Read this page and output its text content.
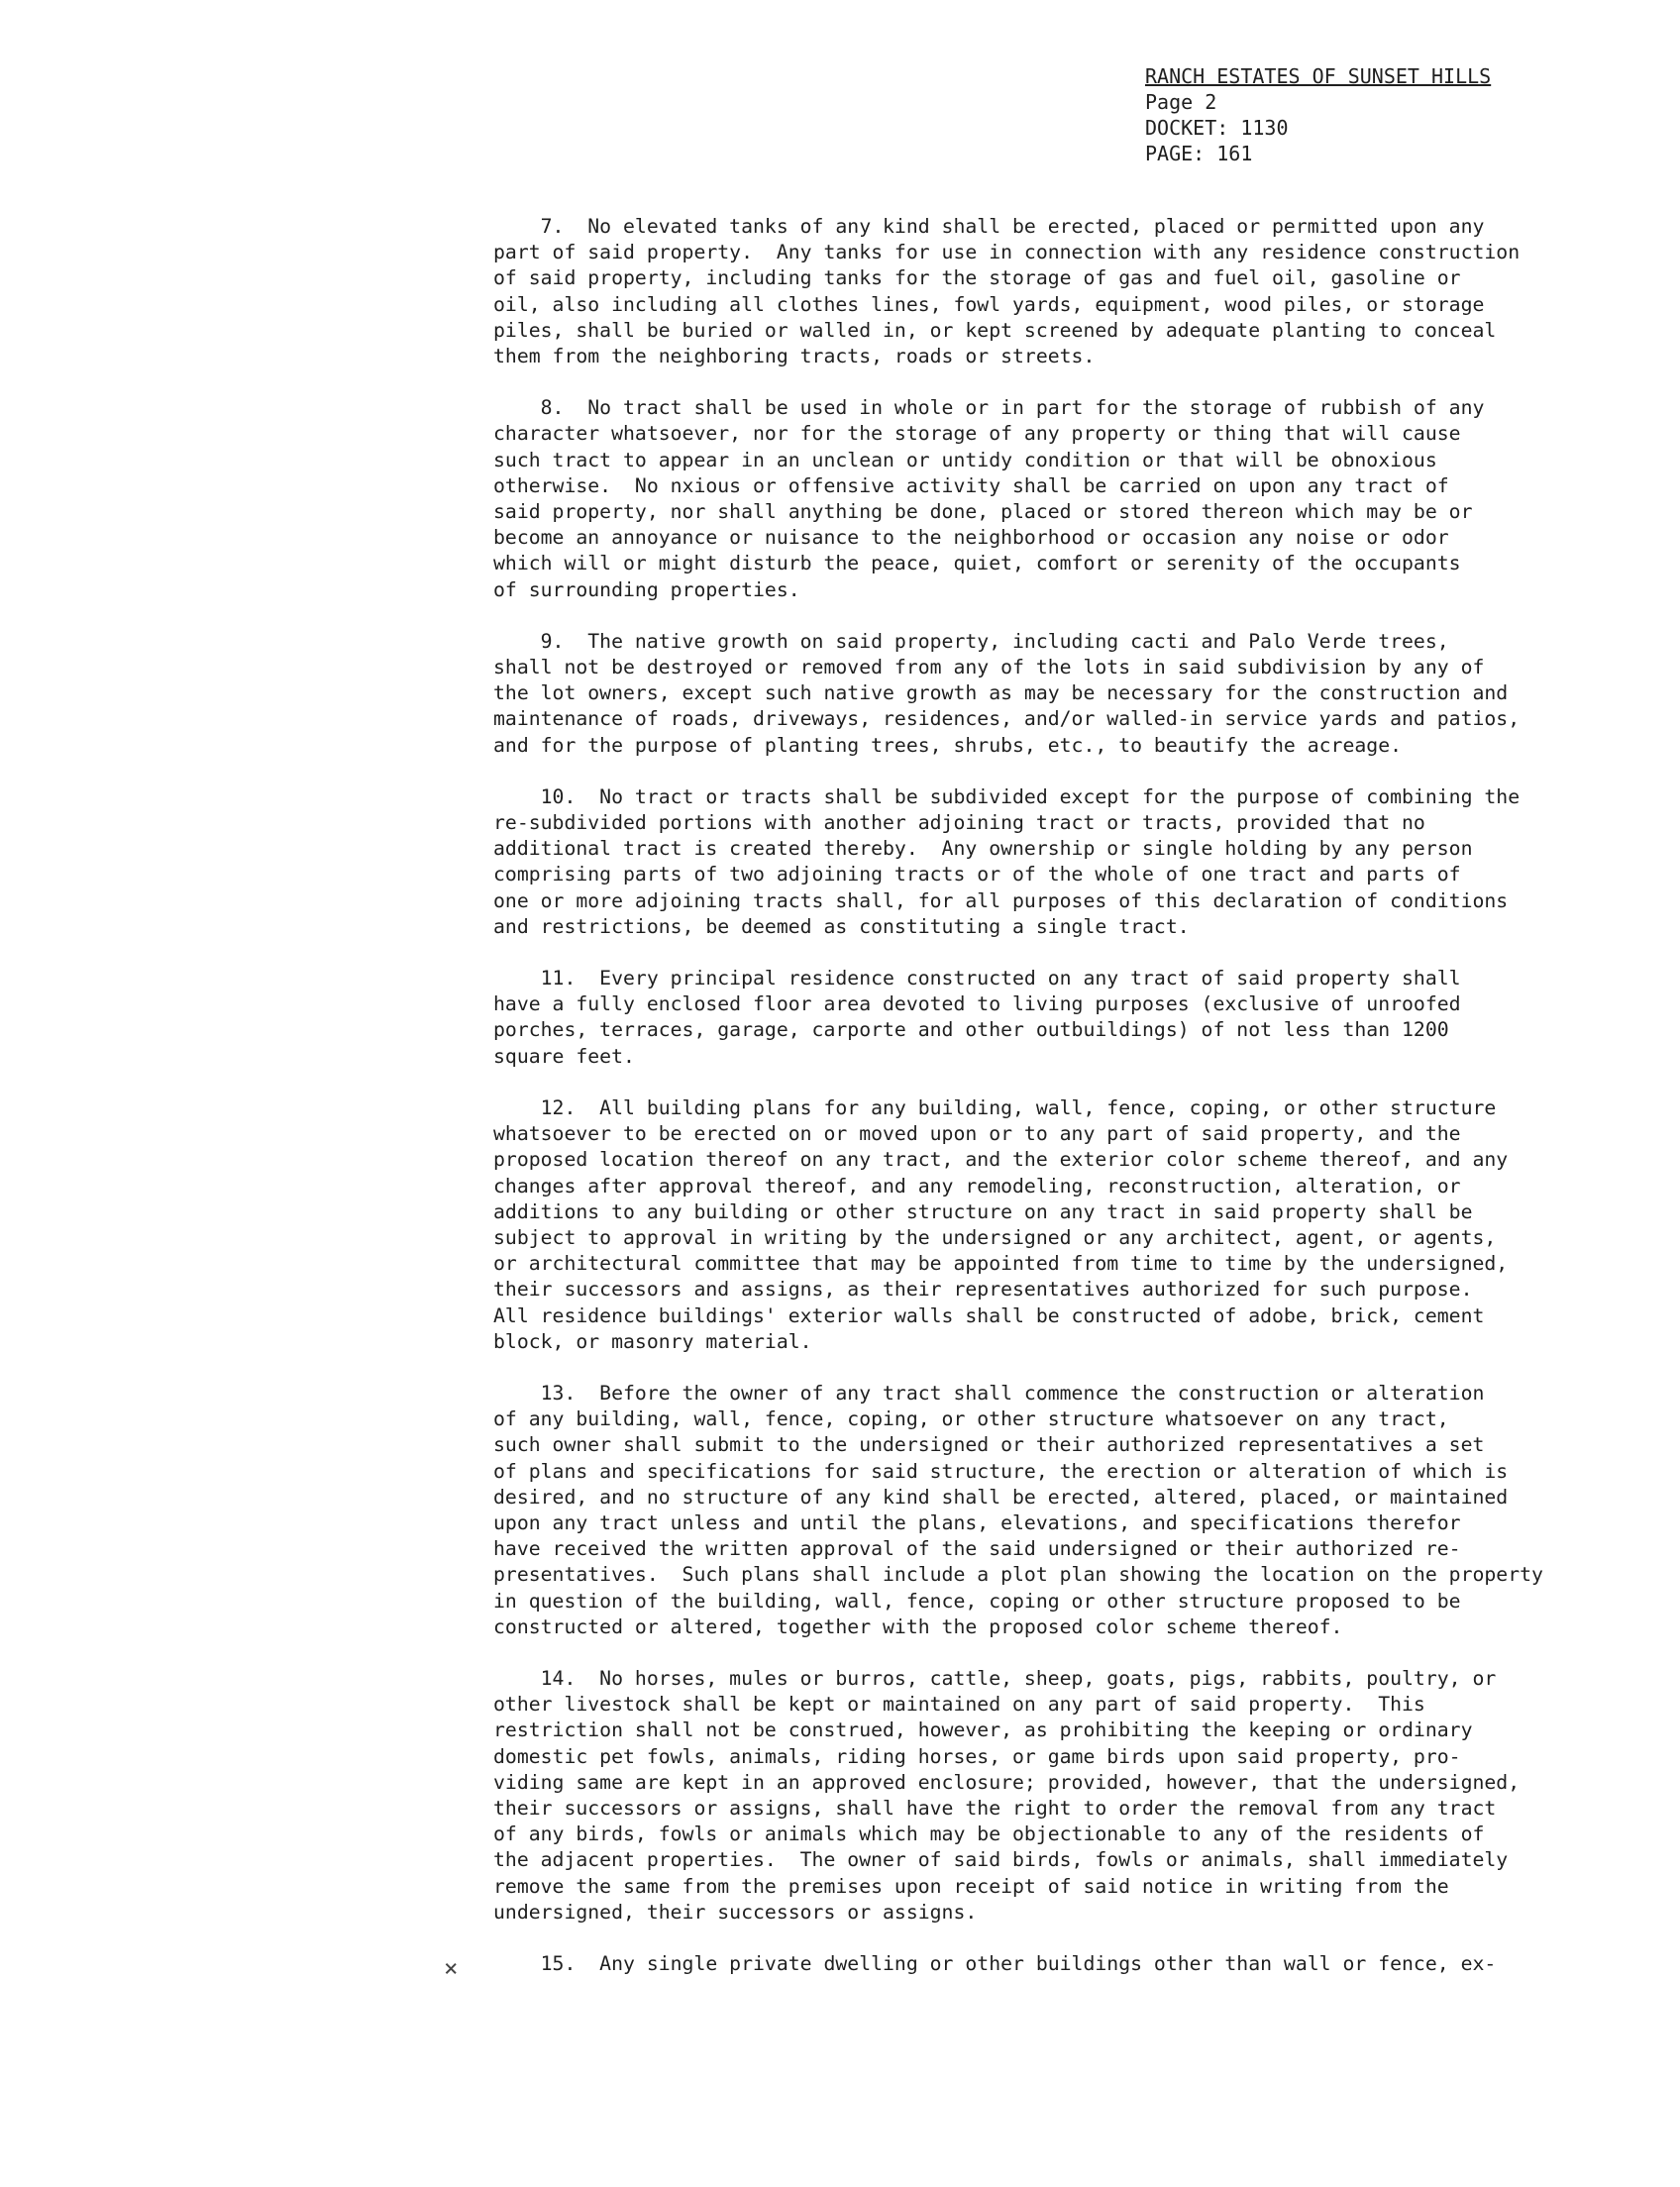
RANCH ESTATES OF SUNSET HILLS
Page 2
DOCKET: 1130
PAGE: 161
×
7.  No elevated tanks of any kind shall be erected, placed or permitted upon any
part of said property.  Any tanks for use in connection with any residence construction
of said property, including tanks for the storage of gas and fuel oil, gasoline or
oil, also including all clothes lines, fowl yards, equipment, wood piles, or storage
piles, shall be buried or walled in, or kept screened by adequate planting to conceal
them from the neighboring tracts, roads or streets.
8.  No tract shall be used in whole or in part for the storage of rubbish of any
character whatsoever, nor for the storage of any property or thing that will cause
such tract to appear in an unclean or untidy condition or that will be obnoxious
otherwise.  No nxious or offensive activity shall be carried on upon any tract of
said property, nor shall anything be done, placed or stored thereon which may be or
become an annoyance or nuisance to the neighborhood or occasion any noise or odor
which will or might disturb the peace, quiet, comfort or serenity of the occupants
of surrounding properties.
9.  The native growth on said property, including cacti and Palo Verde trees,
shall not be destroyed or removed from any of the lots in said subdivision by any of
the lot owners, except such native growth as may be necessary for the construction and
maintenance of roads, driveways, residences, and/or walled-in service yards and patios,
and for the purpose of planting trees, shrubs, etc., to beautify the acreage.
10.  No tract or tracts shall be subdivided except for the purpose of combining the
re-subdivided portions with another adjoining tract or tracts, provided that no
additional tract is created thereby.  Any ownership or single holding by any person
comprising parts of two adjoining tracts or of the whole of one tract and parts of
one or more adjoining tracts shall, for all purposes of this declaration of conditions
and restrictions, be deemed as constituting a single tract.
11.  Every principal residence constructed on any tract of said property shall
have a fully enclosed floor area devoted to living purposes (exclusive of unroofed
porches, terraces, garage, carporte and other outbuildings) of not less than 1200
square feet.
12.  All building plans for any building, wall, fence, coping, or other structure
whatsoever to be erected on or moved upon or to any part of said property, and the
proposed location thereof on any tract, and the exterior color scheme thereof, and any
changes after approval thereof, and any remodeling, reconstruction, alteration, or
additions to any building or other structure on any tract in said property shall be
subject to approval in writing by the undersigned or any architect, agent, or agents,
or architectural committee that may be appointed from time to time by the undersigned,
their successors and assigns, as their representatives authorized for such purpose.
All residence buildings' exterior walls shall be constructed of adobe, brick, cement
block, or masonry material.
13.  Before the owner of any tract shall commence the construction or alteration
of any building, wall, fence, coping, or other structure whatsoever on any tract,
such owner shall submit to the undersigned or their authorized representatives a set
of plans and specifications for said structure, the erection or alteration of which is
desired, and no structure of any kind shall be erected, altered, placed, or maintained
upon any tract unless and until the plans, elevations, and specifications therefor
have received the written approval of the said undersigned or their authorized re-
presentatives.  Such plans shall include a plot plan showing the location on the property
in question of the building, wall, fence, coping or other structure proposed to be
constructed or altered, together with the proposed color scheme thereof.
14.  No horses, mules or burros, cattle, sheep, goats, pigs, rabbits, poultry, or
other livestock shall be kept or maintained on any part of said property.  This
restriction shall not be construed, however, as prohibiting the keeping or ordinary
domestic pet fowls, animals, riding horses, or game birds upon said property, pro-
viding same are kept in an approved enclosure; provided, however, that the undersigned,
their successors or assigns, shall have the right to order the removal from any tract
of any birds, fowls or animals which may be objectionable to any of the residents of
the adjacent properties.  The owner of said birds, fowls or animals, shall immediately
remove the same from the premises upon receipt of said notice in writing from the
undersigned, their successors or assigns.
15.  Any single private dwelling or other buildings other than wall or fence, ex-
